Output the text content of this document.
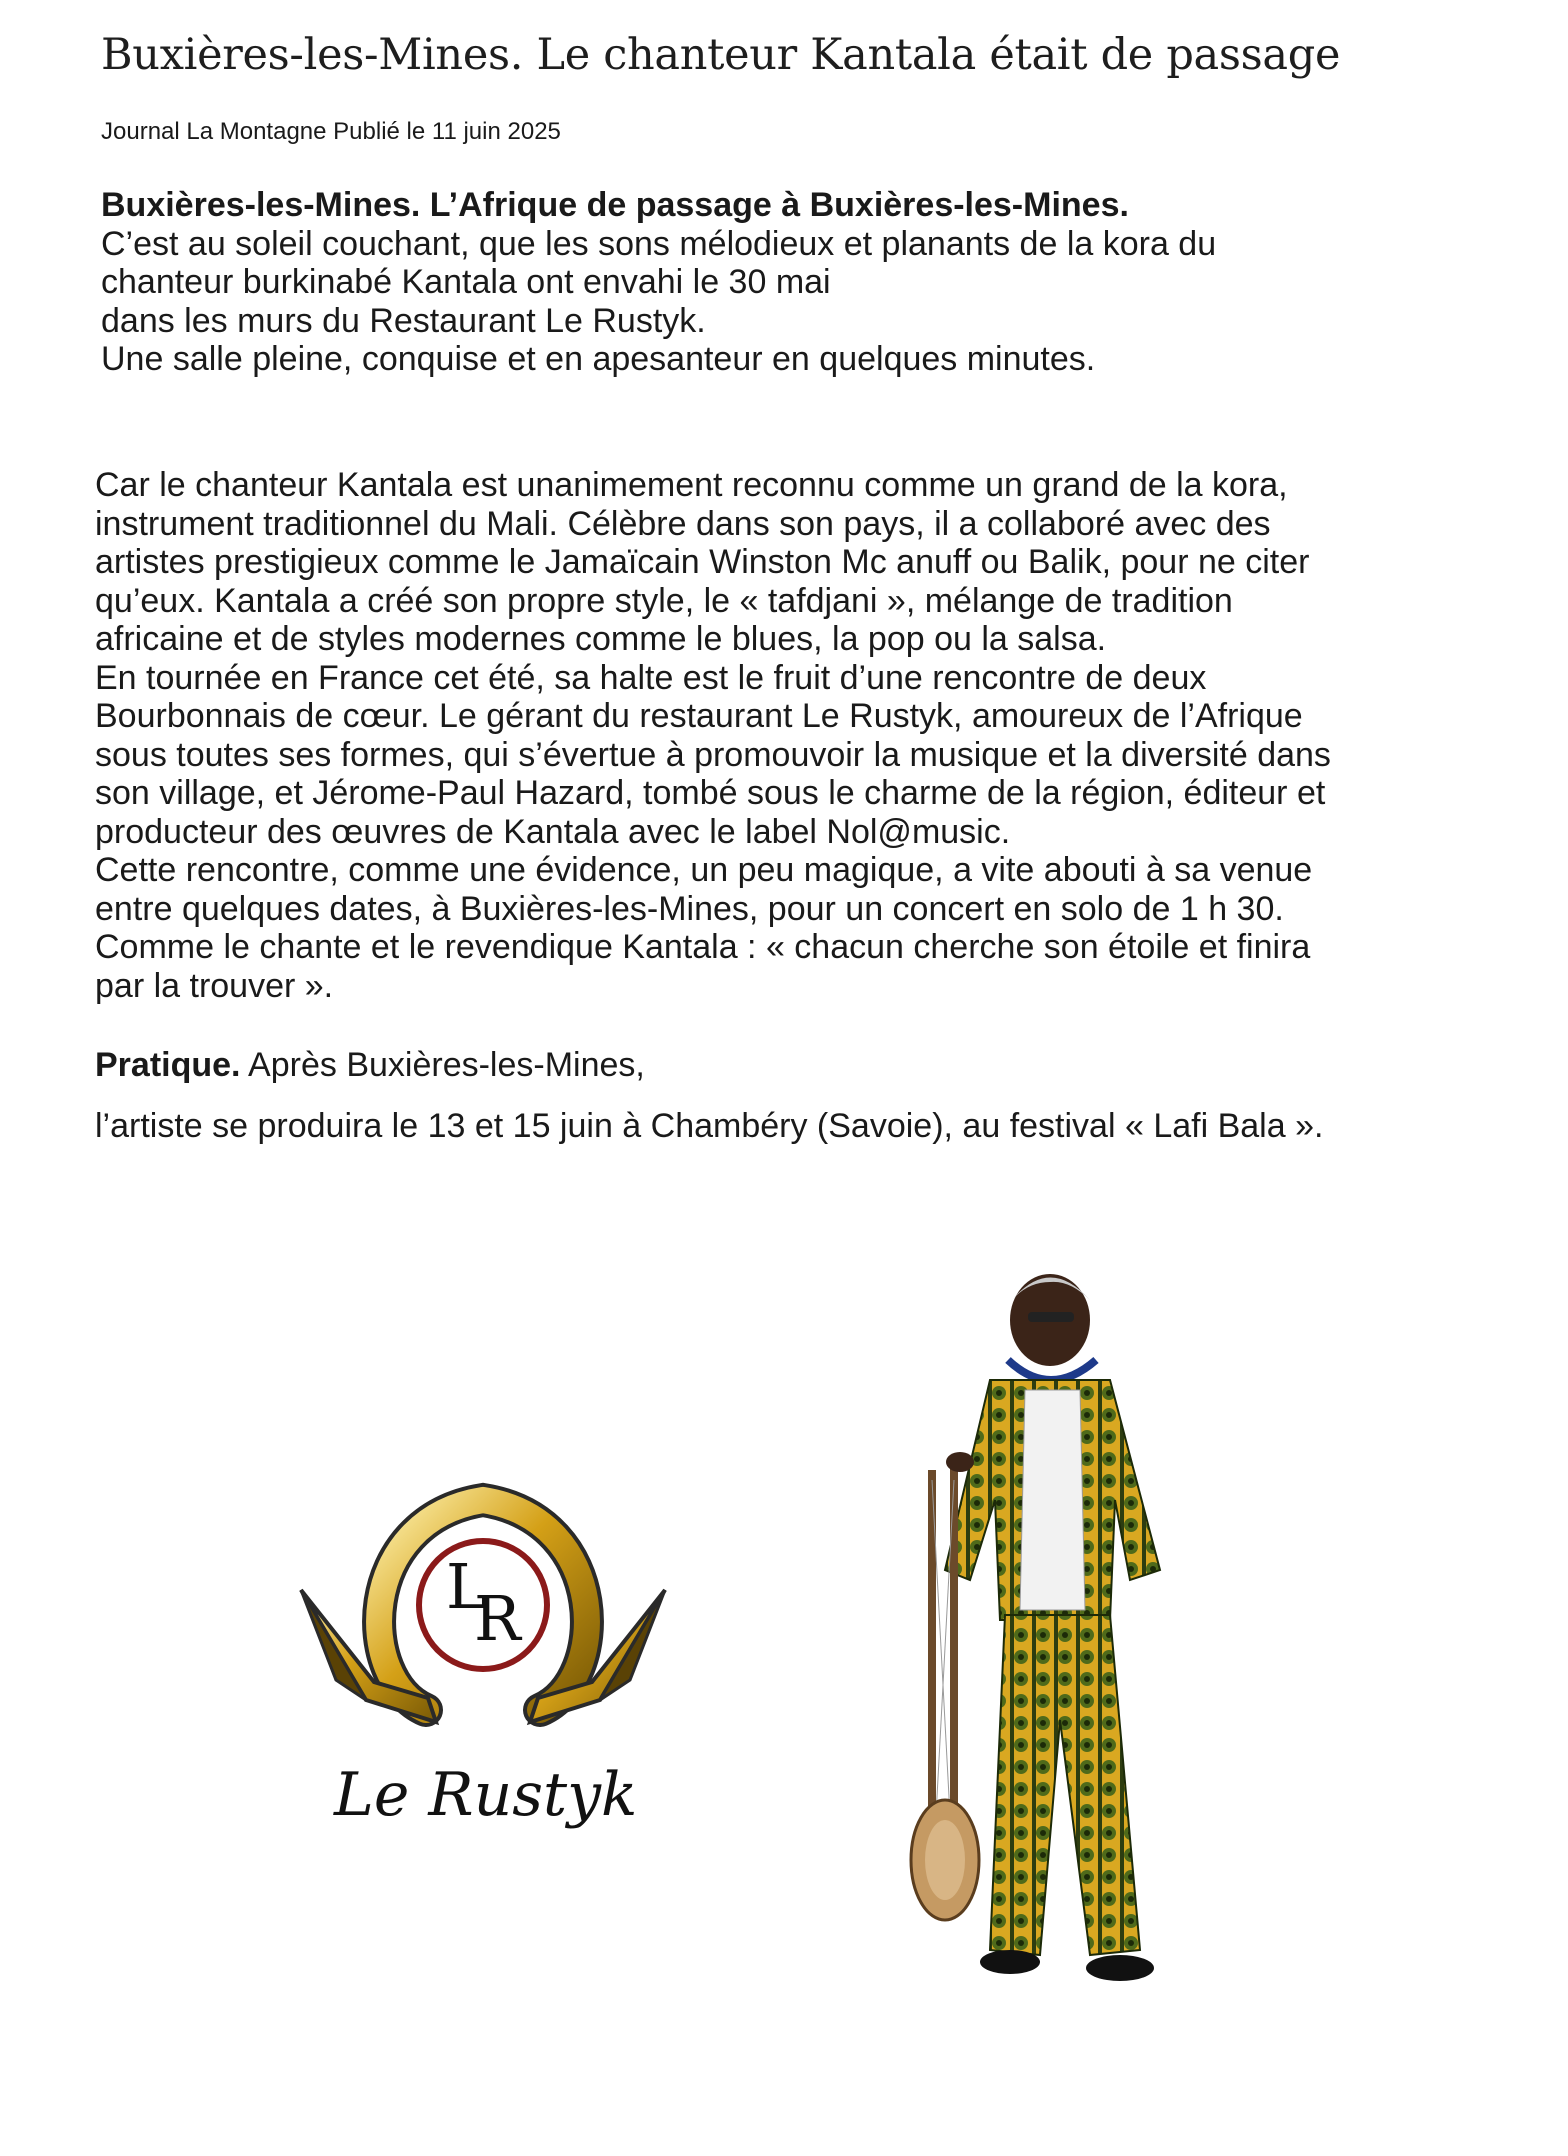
Buxières-les-Mines. Le chanteur Kantala était de passage
Journal La Montagne Publié le 11 juin 2025
Buxières-les-Mines. L’Afrique de passage à Buxières-les-Mines.
C’est au soleil couchant, que les sons mélodieux et planants de la kora du
chanteur burkinabé Kantala ont envahi le 30 mai
dans les murs du Restaurant Le Rustyk.
Une salle pleine, conquise et en apesanteur en quelques minutes.
Car le chanteur Kantala est unanimement reconnu comme un grand de la kora,
instrument traditionnel du Mali. Célèbre dans son pays, il a collaboré avec des
artistes prestigieux comme le Jamaïcain Winston Mc anuff ou Balik, pour ne citer
qu’eux. Kantala a créé son propre style, le « tafdjani », mélange de tradition
africaine et de styles modernes comme le blues, la pop ou la salsa.
En tournée en France cet été, sa halte est le fruit d’une rencontre de deux
Bourbonnais de cœur. Le gérant du restaurant Le Rustyk, amoureux de l’Afrique
sous toutes ses formes, qui s’évertue à promouvoir la musique et la diversité dans
son village, et Jérome-Paul Hazard, tombé sous le charme de la région, éditeur et
producteur des œuvres de Kantala avec le label Nol@music.
Cette rencontre, comme une évidence, un peu magique, a vite abouti à sa venue
entre quelques dates, à Buxières-les-Mines, pour un concert en solo de 1 h 30.
Comme le chante et le revendique Kantala : « chacun cherche son étoile et finira
par la trouver ».
Pratique. Après Buxières-les-Mines,
l’artiste se produira le 13 et 15 juin à Chambéry (Savoie), au festival « Lafi Bala ».
L
R
Le Rustyk
